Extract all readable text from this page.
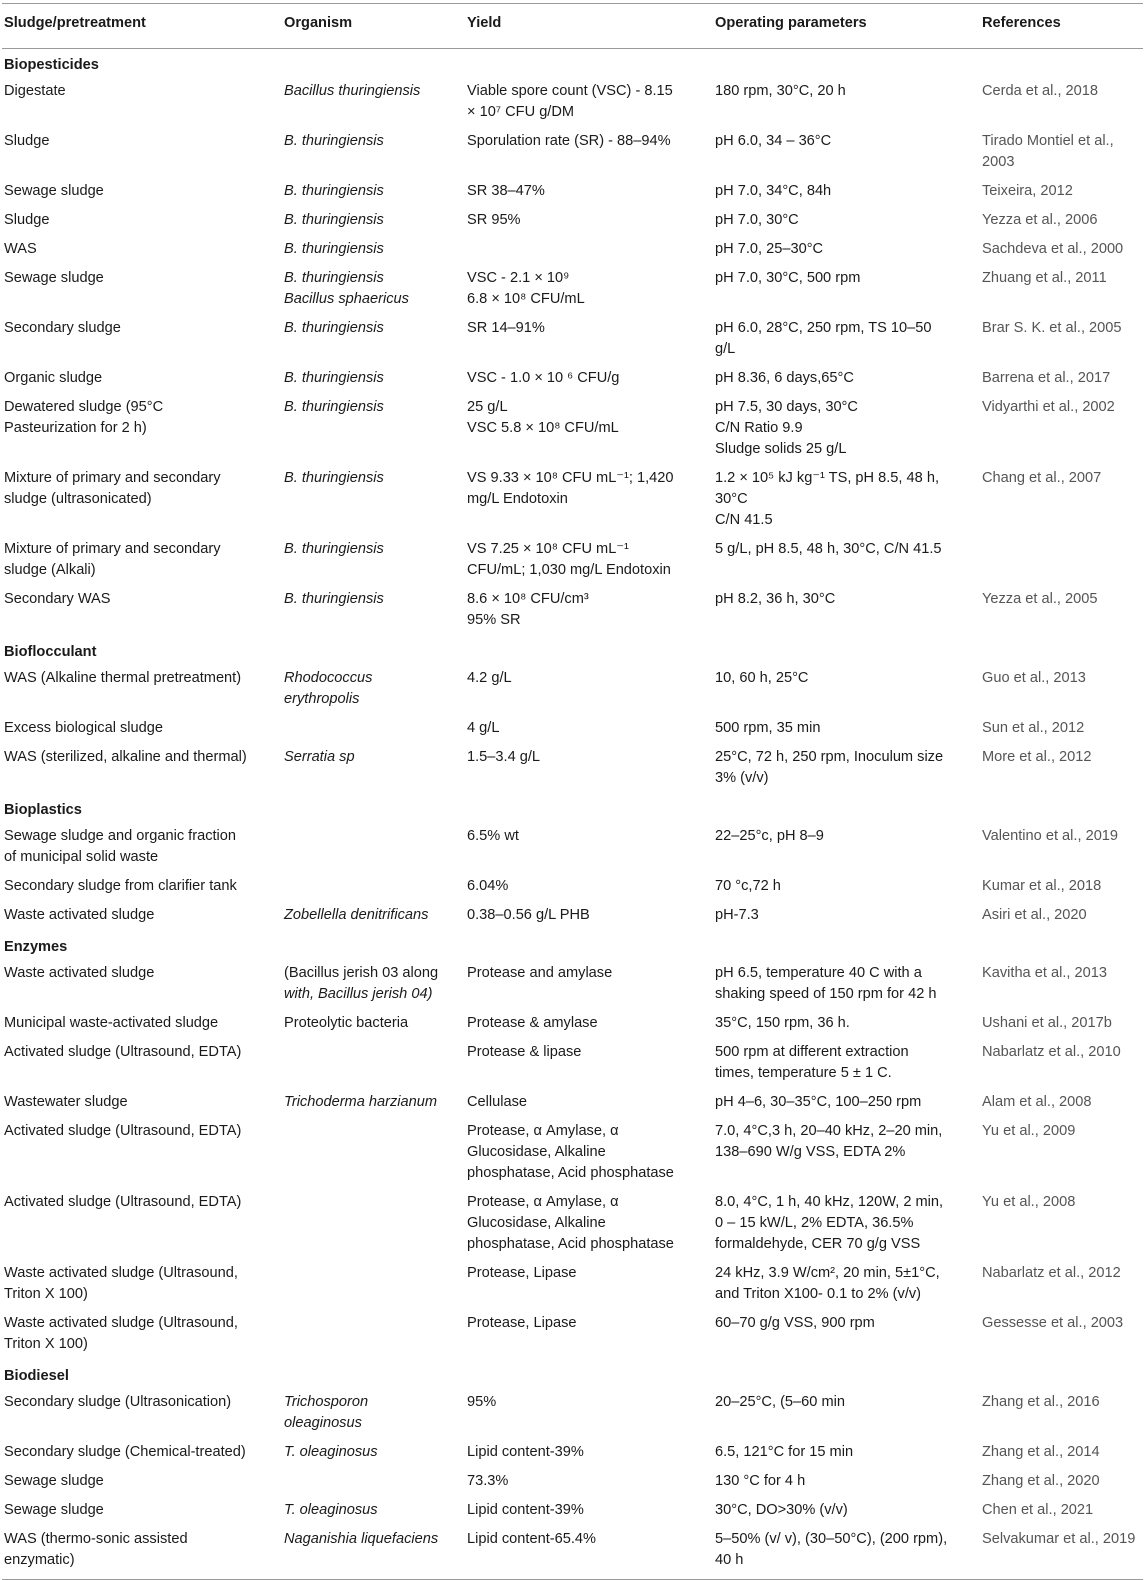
Sludge/pretreatment	Organism	Yield	Operating parameters	References
Biopesticides				

Digestate	Bacillus thuringiensis	Viable spore count (VSC) - 8.15
× 10⁷ CFU g/DM	180 rpm, 30°C, 20 h	Cerda et al., 2018

Sludge	B. thuringiensis	Sporulation rate (SR) - 88–94%	pH 6.0, 34 – 36°C	Tirado Montiel et al.,
2003

Sewage sludge	B. thuringiensis	SR 38–47%	pH 7.0, 34°C, 84h	Teixeira, 2012

Sludge	B. thuringiensis	SR 95%	pH 7.0, 30°C	Yezza et al., 2006

WAS	B. thuringiensis		pH 7.0, 25–30°C	Sachdeva et al., 2000

Sewage sludge	B. thuringiensis
Bacillus sphaericus	VSC - 2.1 × 10⁹
6.8 × 10⁸ CFU/mL	pH 7.0, 30°C, 500 rpm	Zhuang et al., 2011

Secondary sludge	B. thuringiensis	SR 14–91%	pH 6.0, 28°C, 250 rpm, TS 10–50
g/L	Brar S. K. et al., 2005

Organic sludge	B. thuringiensis	VSC - 1.0 × 10 ⁶ CFU/g	pH 8.36, 6 days,65°C	Barrena et al., 2017

Dewatered sludge (95°C
Pasteurization for 2 h)	B. thuringiensis	25 g/L
VSC 5.8 × 10⁸ CFU/mL	pH 7.5, 30 days, 30°C
C/N Ratio 9.9
Sludge solids 25 g/L	Vidyarthi et al., 2002

Mixture of primary and secondary
sludge (ultrasonicated)	B. thuringiensis	VS 9.33 × 10⁸ CFU mL⁻¹; 1,420
mg/L Endotoxin	1.2 × 10⁵ kJ kg⁻¹ TS, pH 8.5, 48 h,
30°C
C/N 41.5	Chang et al., 2007

Mixture of primary and secondary
sludge (Alkali)	B. thuringiensis	VS 7.25 × 10⁸ CFU mL⁻¹
CFU/mL; 1,030 mg/L Endotoxin	5 g/L, pH 8.5, 48 h, 30°C, C/N 41.5	

Secondary WAS	B. thuringiensis	8.6 × 10⁸ CFU/cm³
95% SR	pH 8.2, 36 h, 30°C	Yezza et al., 2005

Bioflocculant				

WAS (Alkaline thermal pretreatment)	Rhodococcus
erythropolis	4.2 g/L	10, 60 h, 25°C	Guo et al., 2013

Excess biological sludge		4 g/L	500 rpm, 35 min	Sun et al., 2012

WAS (sterilized, alkaline and thermal)	Serratia sp	1.5–3.4 g/L	25°C, 72 h, 250 rpm, Inoculum size
3% (v/v)	More et al., 2012

Bioplastics				

Sewage sludge and organic fraction
of municipal solid waste		6.5% wt	22–25°c, pH 8–9	Valentino et al., 2019

Secondary sludge from clarifier tank		6.04%	70 °c,72 h	Kumar et al., 2018

Waste activated sludge	Zobellella denitrificans	0.38–0.56 g/L PHB	pH-7.3	Asiri et al., 2020

Enzymes				

Waste activated sludge	(Bacillus jerish 03 along
with, Bacillus jerish 04)	Protease and amylase	pH 6.5, temperature 40 C with a
shaking speed of 150 rpm for 42 h	Kavitha et al., 2013

Municipal waste-activated sludge	Proteolytic bacteria	Protease & amylase	35°C, 150 rpm, 36 h.	Ushani et al., 2017b

Activated sludge (Ultrasound, EDTA)		Protease & lipase	500 rpm at different extraction
times, temperature 5 ± 1 C.	Nabarlatz et al., 2010

Wastewater sludge	Trichoderma harzianum	Cellulase	pH 4–6, 30–35°C, 100–250 rpm	Alam et al., 2008

Activated sludge (Ultrasound, EDTA)		Protease, α Amylase, α
Glucosidase, Alkaline
phosphatase, Acid phosphatase	7.0, 4°C,3 h, 20–40 kHz, 2–20 min,
138–690 W/g VSS, EDTA 2%	Yu et al., 2009

Activated sludge (Ultrasound, EDTA)		Protease, α Amylase, α
Glucosidase, Alkaline
phosphatase, Acid phosphatase	8.0, 4°C, 1 h, 40 kHz, 120W, 2 min,
0 – 15 kW/L, 2% EDTA, 36.5%
formaldehyde, CER 70 g/g VSS	Yu et al., 2008

Waste activated sludge (Ultrasound,
Triton X 100)		Protease, Lipase	24 kHz, 3.9 W/cm², 20 min, 5±1°C,
and Triton X100- 0.1 to 2% (v/v)	Nabarlatz et al., 2012

Waste activated sludge (Ultrasound,
Triton X 100)		Protease, Lipase	60–70 g/g VSS, 900 rpm	Gessesse et al., 2003

Biodiesel				

Secondary sludge (Ultrasonication)	Trichosporon
oleaginosus	95%	20–25°C, (5–60 min	Zhang et al., 2016

Secondary sludge (Chemical-treated)	T. oleaginosus	Lipid content-39%	6.5, 121°C for 15 min	Zhang et al., 2014

Sewage sludge		73.3%	130 °C for 4 h	Zhang et al., 2020

Sewage sludge	T. oleaginosus	Lipid content-39%	30°C, DO>30% (v/v)	Chen et al., 2021

WAS (thermo-sonic assisted
enzymatic)	Naganishia liquefaciens	Lipid content-65.4%	5–50% (v/ v), (30–50°C), (200 rpm),
40 h	Selvakumar et al., 2019
